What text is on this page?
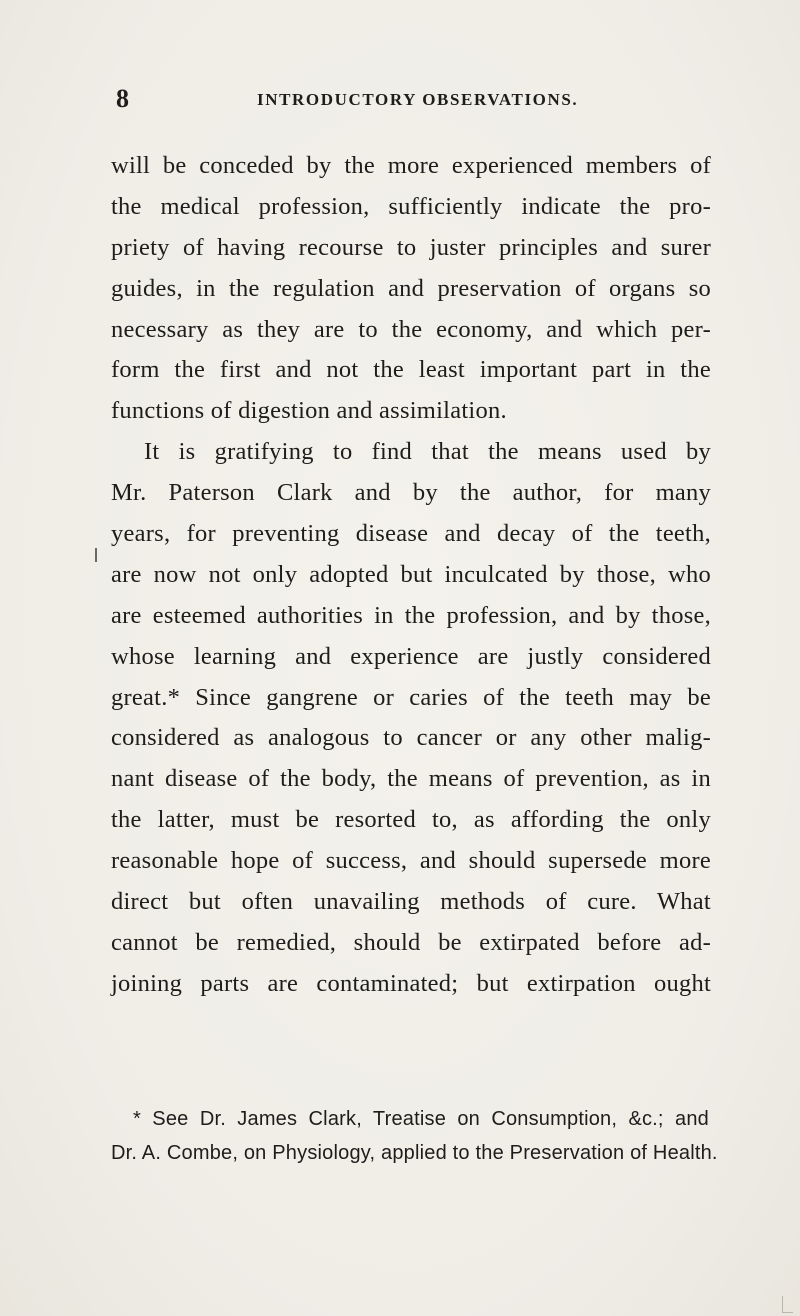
8	INTRODUCTORY OBSERVATIONS.
will be conceded by the more experienced members of
the medical profession, sufficiently indicate the pro-
priety of having recourse to juster principles and surer
guides, in the regulation and preservation of organs so
necessary as they are to the economy, and which per-
form the first and not the least important part in the
functions of digestion and assimilation.
It is gratifying to find that the means used by
Mr. Paterson Clark and by the author, for many
years, for preventing disease and decay of the teeth,
are now not only adopted but inculcated by those, who
are esteemed authorities in the profession, and by those,
whose learning and experience are justly considered
great.* Since gangrene or caries of the teeth may be
considered as analogous to cancer or any other malig-
nant disease of the body, the means of prevention, as in
the latter, must be resorted to, as affording the only
reasonable hope of success, and should supersede more
direct but often unavailing methods of cure. What
cannot be remedied, should be extirpated before ad-
joining parts are contaminated; but extirpation ought
* See Dr. James Clark, Treatise on Consumption, &c.; and
Dr. A. Combe, on Physiology, applied to the Preservation of Health.
